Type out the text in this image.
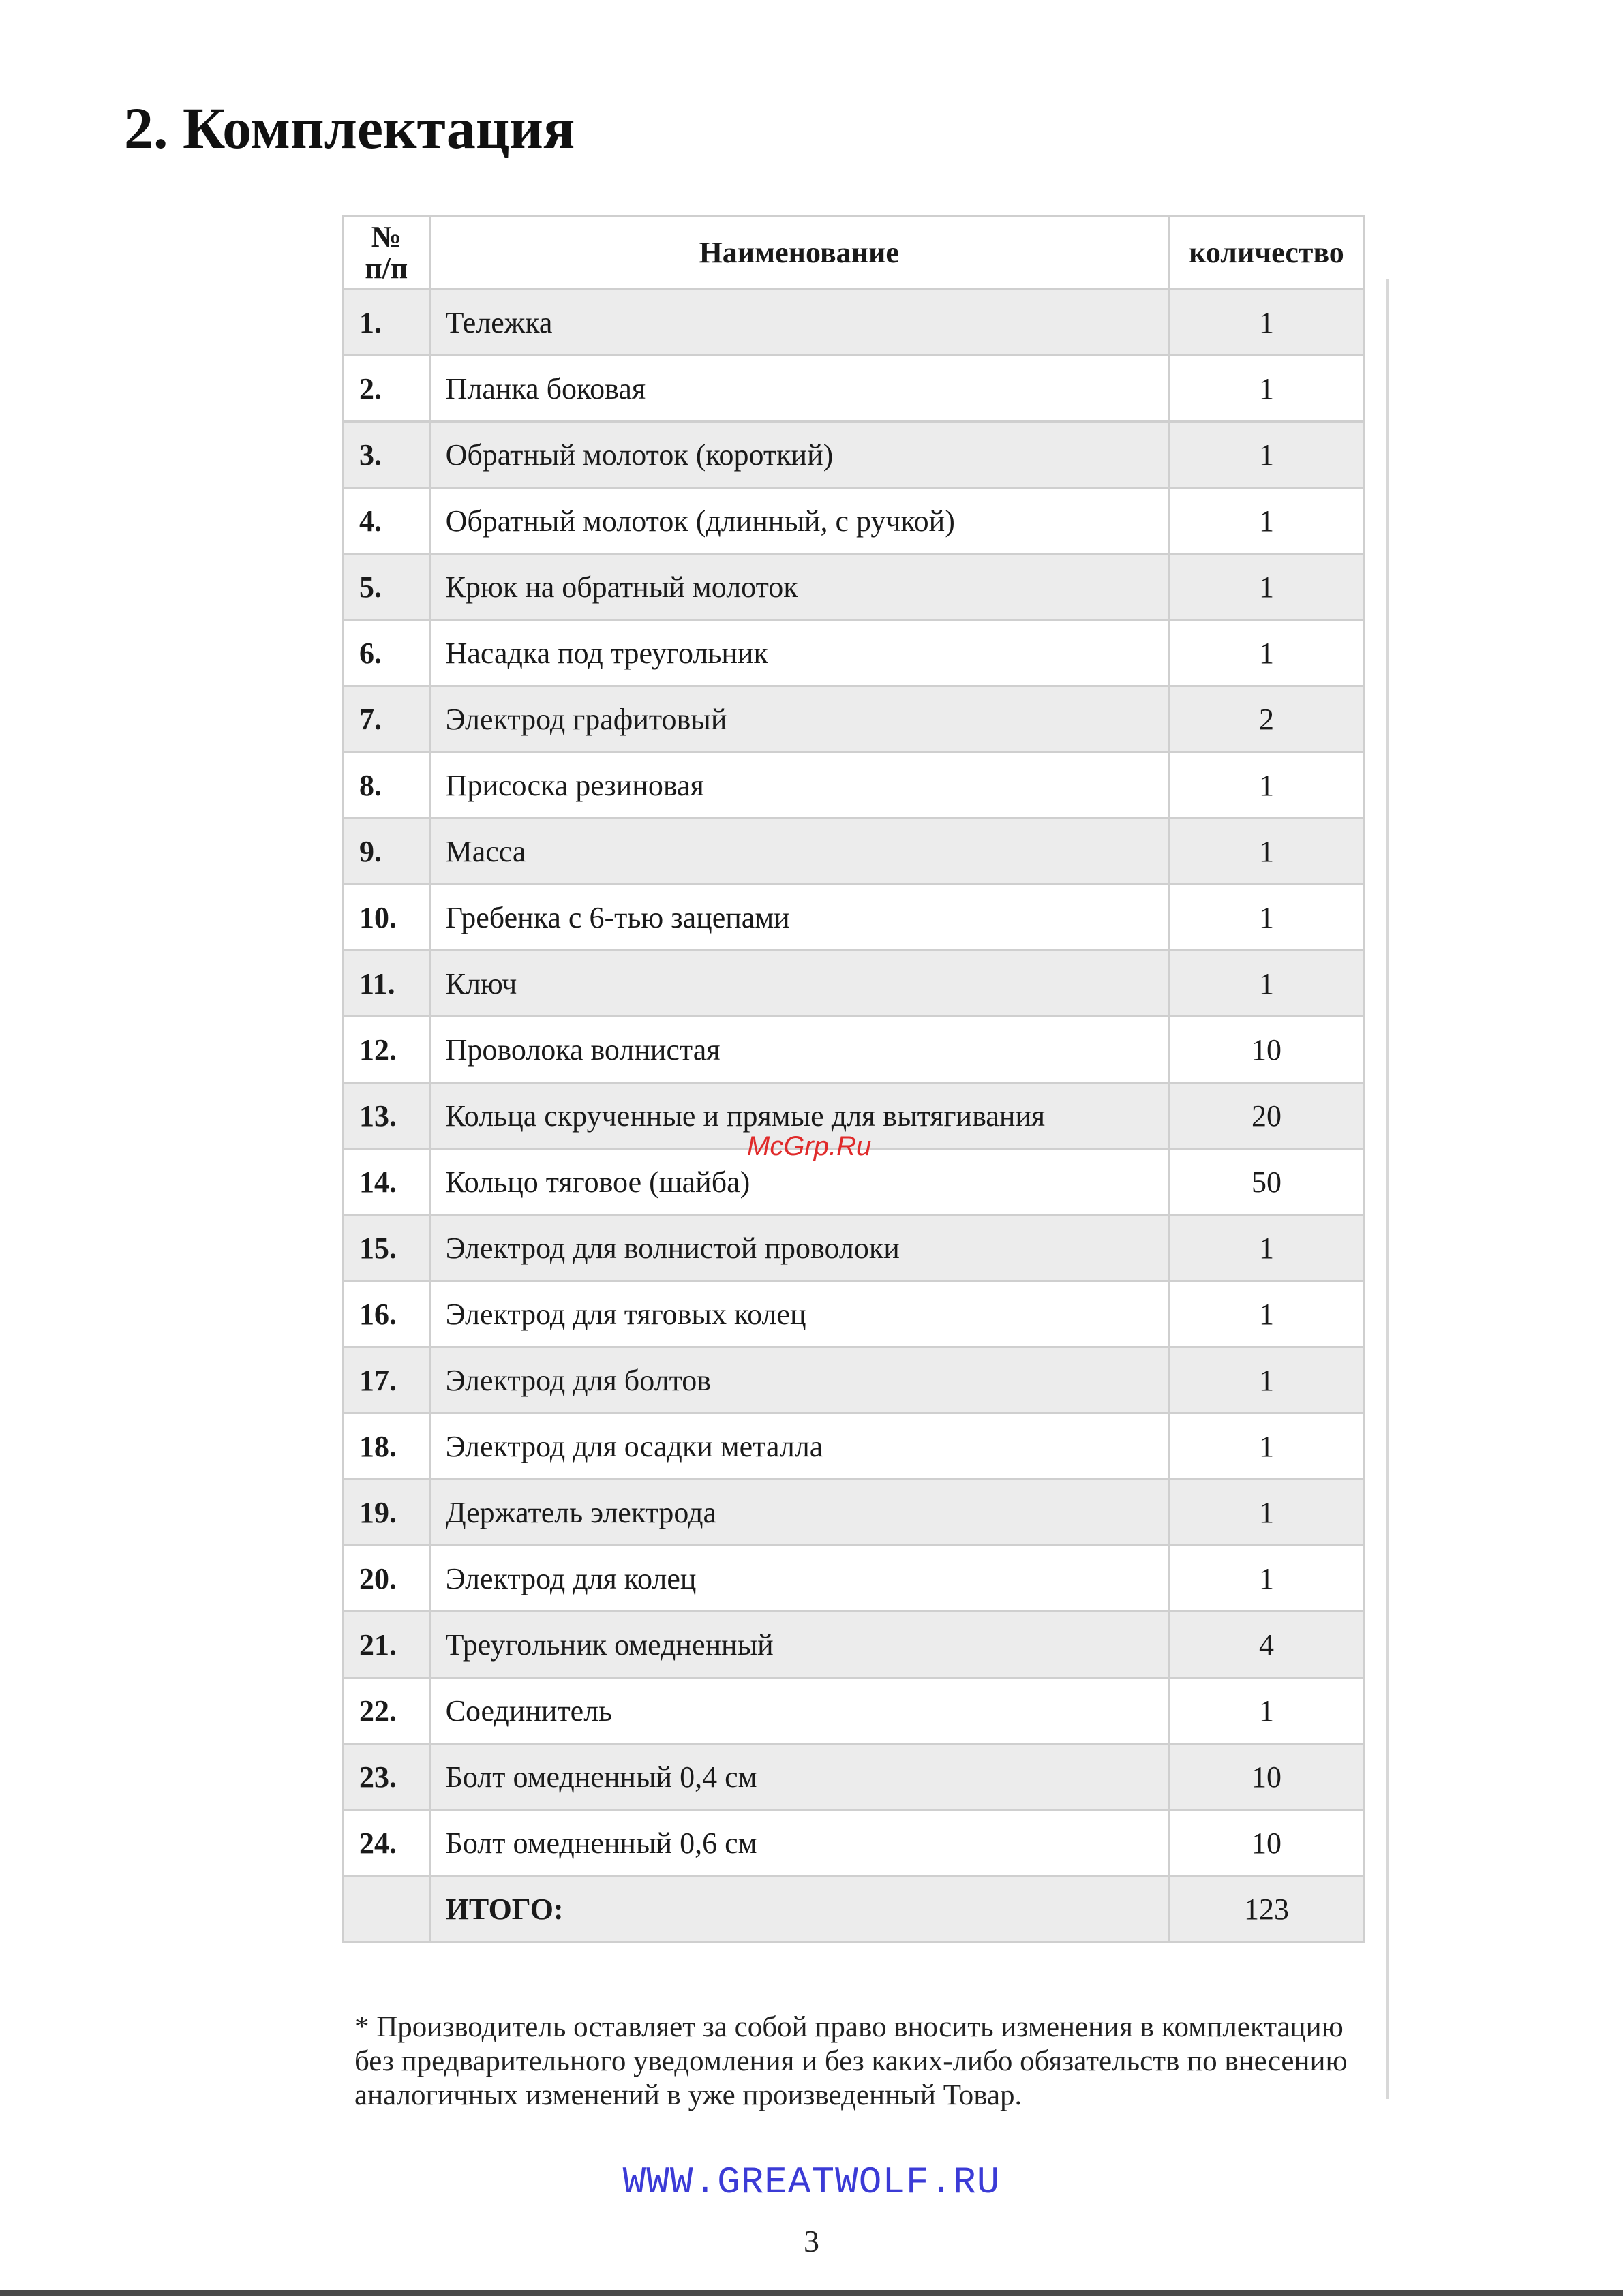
2. Комплектация
№
п/п	Наименование	количество
1.	Тележка	1
2.	Планка боковая	1
3.	Обратный молоток (короткий)	1
4.	Обратный молоток (длинный, с ручкой)	1
5.	Крюк на обратный молоток	1
6.	Насадка под треугольник	1
7.	Электрод графитовый	2
8.	Присоска резиновая	1
9.	Масса	1
10.	Гребенка с 6-тью зацепами	1
11.	Ключ	1
12.	Проволока волнистая	10
13.	Кольца скрученные и прямые для вытягивания	20
14.	Кольцо тяговое (шайба)	50
15.	Электрод для волнистой проволоки	1
16.	Электрод для тяговых колец	1
17.	Электрод для болтов	1
18.	Электрод для осадки металла	1
19.	Держатель электрода	1
20.	Электрод для колец	1
21.	Треугольник омедненный	4
22.	Соединитель	1
23.	Болт омедненный 0,4 см	10
24.	Болт омедненный 0,6 см	10
	ИТОГО:	123
McGrp.Ru

* Производитель оставляет за собой право вносить изменения в комплектацию без предварительного уведомления и без каких-либо обязательств по внесению аналогичных изменений в уже произведенный Товар.

WWW.GREATWOLF.RU
3
